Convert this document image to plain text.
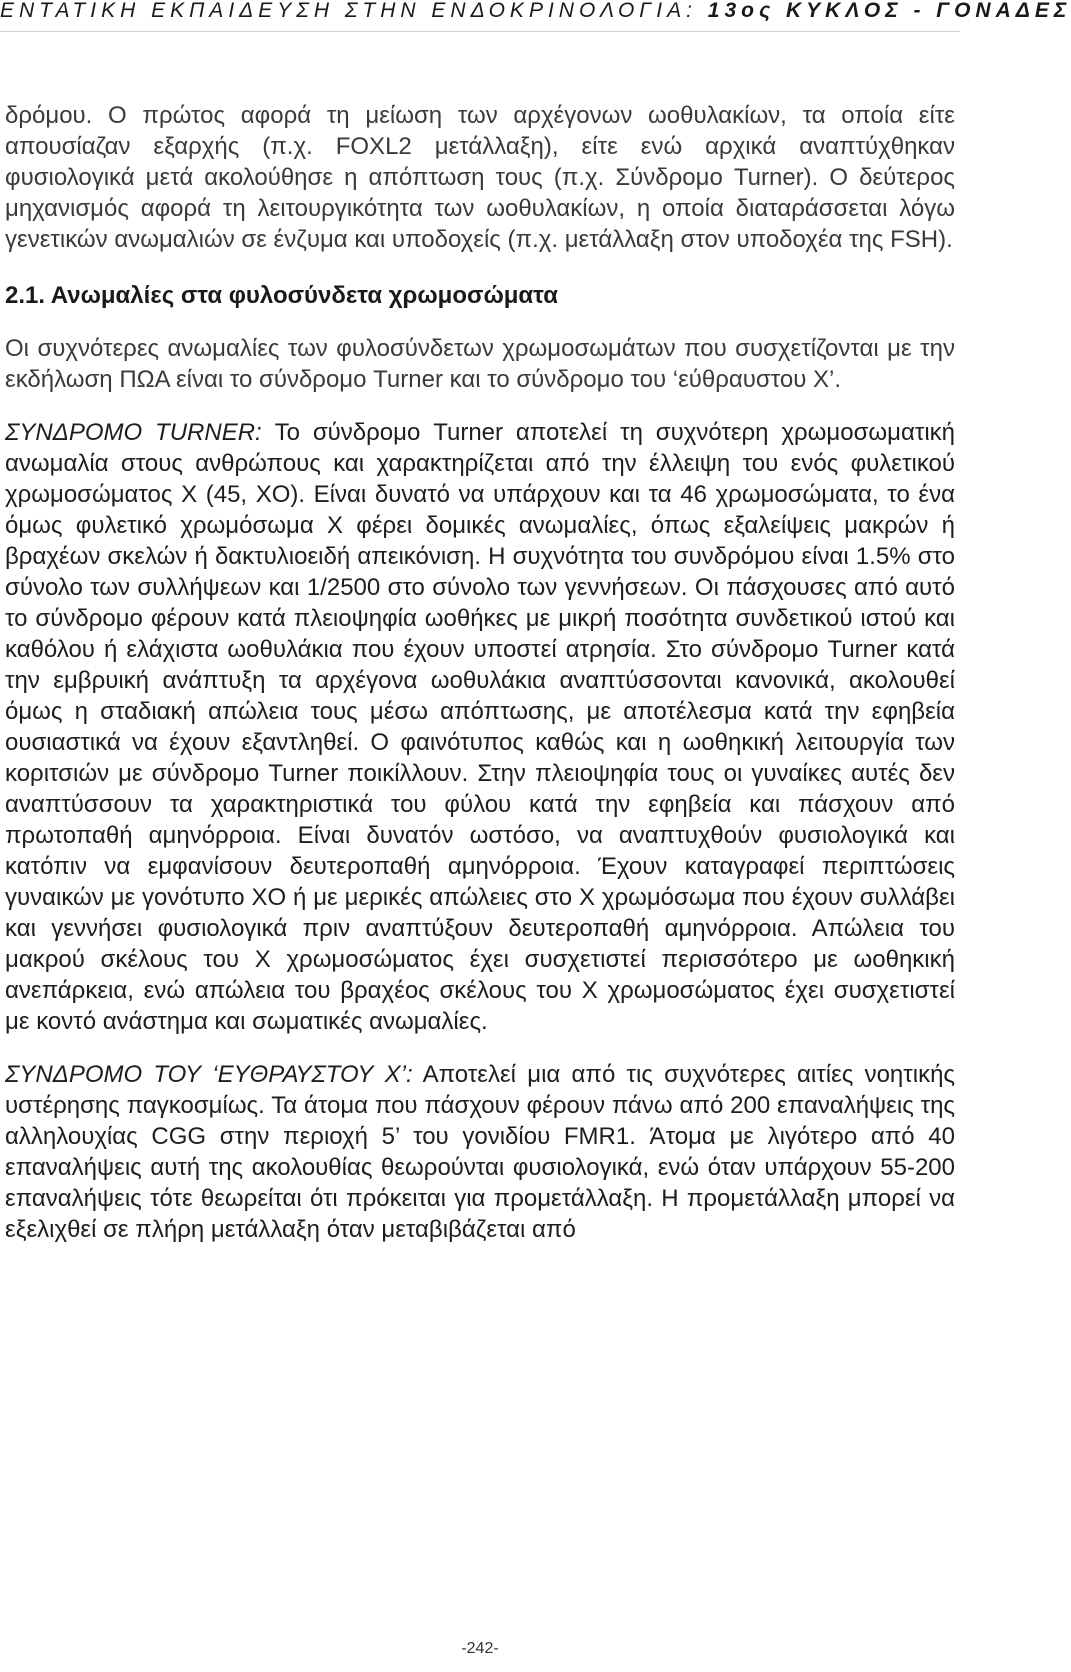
ΕΝΤΑΤΙΚΗ ΕΚΠΑΙΔΕΥΣΗ ΣΤΗΝ ΕΝΔΟΚΡΙΝΟΛΟΓΙΑ: 13ος ΚΥΚΛΟΣ - ΓΟΝΑΔΕΣ

δρόμου. Ο πρώτος αφορά τη μείωση των αρχέγονων ωοθυλακίων, τα οποία είτε απουσίαζαν εξαρχής (π.χ. FOXL2 μετάλλαξη), είτε ενώ αρχικά αναπτύχθηκαν φυσιολογικά μετά ακολούθησε η απόπτωση τους (π.χ. Σύνδρομο Turner). Ο δεύτερος μηχανισμός αφορά τη λειτουργικότητα των ωοθυλακίων, η οποία διαταράσσεται λόγω γενετικών ανωμαλιών σε ένζυμα και υποδοχείς (π.χ. μετάλλαξη στον υποδοχέα της FSH).

2.1. Ανωμαλίες στα φυλοσύνδετα χρωμοσώματα

Οι συχνότερες ανωμαλίες των φυλοσύνδετων χρωμοσωμάτων που συσχετίζονται με την εκδήλωση ΠΩΑ είναι το σύνδρομο Turner και το σύνδρομο του ‘εύθραυστου Χ’.

ΣΥΝΔΡΟΜΟ TURNER: Το σύνδρομο Turner αποτελεί τη συχνότερη χρωμοσωματική ανωμαλία στους ανθρώπους και χαρακτηρίζεται από την έλλειψη του ενός φυλετικού χρωμοσώματος Χ (45, ΧΟ). Είναι δυνατό να υπάρχουν και τα 46 χρωμοσώματα, το ένα όμως φυλετικό χρωμόσωμα Χ φέρει δομικές ανωμαλίες, όπως εξαλείψεις μακρών ή βραχέων σκελών ή δακτυλιοειδή απεικόνιση. Η συχνότητα του συνδρόμου είναι 1.5% στο σύνολο των συλλήψεων και 1/2500 στο σύνολο των γεννήσεων. Οι πάσχουσες από αυτό το σύνδρομο φέρουν κατά πλειοψηφία ωοθήκες με μικρή ποσότητα συνδετικού ιστού και καθόλου ή ελάχιστα ωοθυλάκια που έχουν υποστεί ατρησία. Στο σύνδρομο Turner κατά την εμβρυική ανάπτυξη τα αρχέγονα ωοθυλάκια αναπτύσσονται κανονικά, ακολουθεί όμως η σταδιακή απώλεια τους μέσω απόπτωσης, με αποτέλεσμα κατά την εφηβεία ουσιαστικά να έχουν εξαντληθεί. Ο φαινότυπος καθώς και η ωοθηκική λειτουργία των κοριτσιών με σύνδρομο Turner ποικίλλουν. Στην πλειοψηφία τους οι γυναίκες αυτές δεν αναπτύσσουν τα χαρακτηριστικά του φύλου κατά την εφηβεία και πάσχουν από πρωτοπαθή αμηνόρροια. Είναι δυνατόν ωστόσο, να αναπτυχθούν φυσιολογικά και κατόπιν να εμφανίσουν δευτεροπαθή αμηνόρροια. Έχουν καταγραφεί περιπτώσεις γυναικών με γονότυπο ΧΟ ή με μερικές απώλειες στο Χ χρωμόσωμα που έχουν συλλάβει και γεννήσει φυσιολογικά πριν αναπτύξουν δευτεροπαθή αμηνόρροια. Απώλεια του μακρού σκέλους του Χ χρωμοσώματος έχει συσχετιστεί περισσότερο με ωοθηκική ανεπάρκεια, ενώ απώλεια του βραχέος σκέλους του Χ χρωμοσώματος έχει συσχετιστεί με κοντό ανάστημα και σωματικές ανωμαλίες.

ΣΥΝΔΡΟΜΟ ΤΟΥ ‘ΕΥΘΡΑΥΣΤΟΥ Χ’: Αποτελεί μια από τις συχνότερες αιτίες νοητικής υστέρησης παγκοσμίως. Τα άτομα που πάσχουν φέρουν πάνω από 200 επαναλήψεις της αλληλουχίας CGG στην περιοχή 5’ του γονιδίου FMR1. Άτομα με λιγότερο από 40 επαναλήψεις αυτή της ακολουθίας θεωρούνται φυσιολογικά, ενώ όταν υπάρχουν 55-200 επαναλήψεις τότε θεωρείται ότι πρόκειται για προμετάλλαξη. Η προμετάλλαξη μπορεί να εξελιχθεί σε πλήρη μετάλλαξη όταν μεταβιβάζεται από

-242-
